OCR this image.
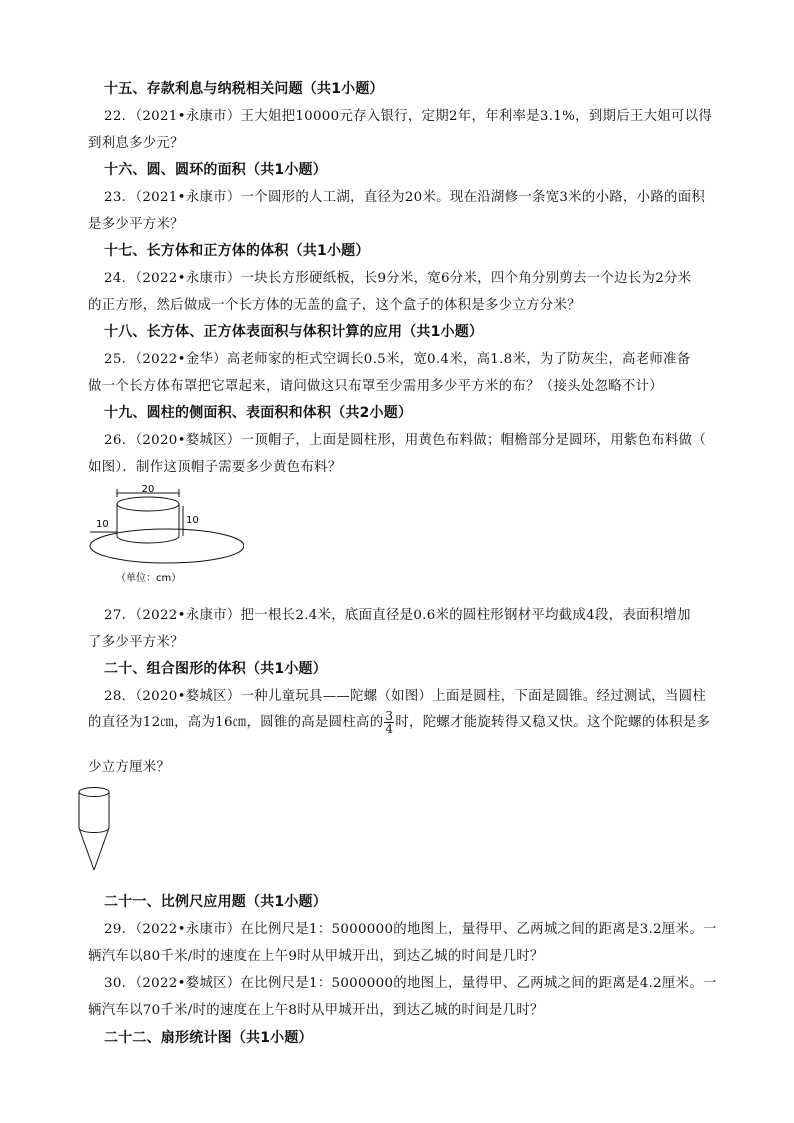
十五、存款利息与纳税相关问题（共1小题）
22．（2021•永康市）王大姐把10000元存入银行，定期2年，年利率是3.1%，到期后王大姐可以得
到利息多少元？
十六、圆、圆环的面积（共1小题）
23．（2021•永康市）一个圆形的人工湖，直径为20米。现在沿湖修一条宽3米的小路，小路的面积
是多少平方米？
十七、长方体和正方体的体积（共1小题）
24．（2022•永康市）一块长方形硬纸板，长9分米，宽6分米，四个角分别剪去一个边长为2分米
的正方形，然后做成一个长方体的无盖的盒子，这个盒子的体积是多少立方分米？
十八、长方体、正方体表面积与体积计算的应用（共1小题）
25．（2022•金华）高老师家的柜式空调长0.5米，宽0.4米，高1.8米，为了防灰尘，高老师准备
做一个长方体布罩把它罩起来，请问做这只布罩至少需用多少平方米的布？（接头处忽略不计）
十九、圆柱的侧面积、表面积和体积（共2小题）
26．（2020•婺城区）一顶帽子，上面是圆柱形，用黄色布料做；帽檐部分是圆环，用紫色布料做（
如图）．制作这顶帽子需要多少黄色布料？
20
10	10
（单位：cm）
27．（2022•永康市）把一根长2.4米，底面直径是0.6米的圆柱形钢材平均截成4段，表面积增加
了多少平方米？
二十、组合图形的体积（共1小题）
28．（2020•婺城区）一种儿童玩具——陀螺（如图）上面是圆柱，下面是圆锥。经过测试，当圆柱
的直径为12㎝，高为16㎝，圆锥的高是圆柱高的 $\frac{3}{4}$ 时，陀螺才能旋转得又稳又快。这个陀螺的体积是多
少立方厘米？
二十一、比例尺应用题（共1小题）
29．（2022•永康市）在比例尺是1：5000000的地图上，量得甲、乙两城之间的距离是3.2厘米。一
辆汽车以80千米/时的速度在上午9时从甲城开出，到达乙城的时间是几时？
30．（2022•婺城区）在比例尺是1：5000000的地图上，量得甲、乙两城之间的距离是4.2厘米。一
辆汽车以70千米/时的速度在上午8时从甲城开出，到达乙城的时间是几时？
二十二、扇形统计图（共1小题）
